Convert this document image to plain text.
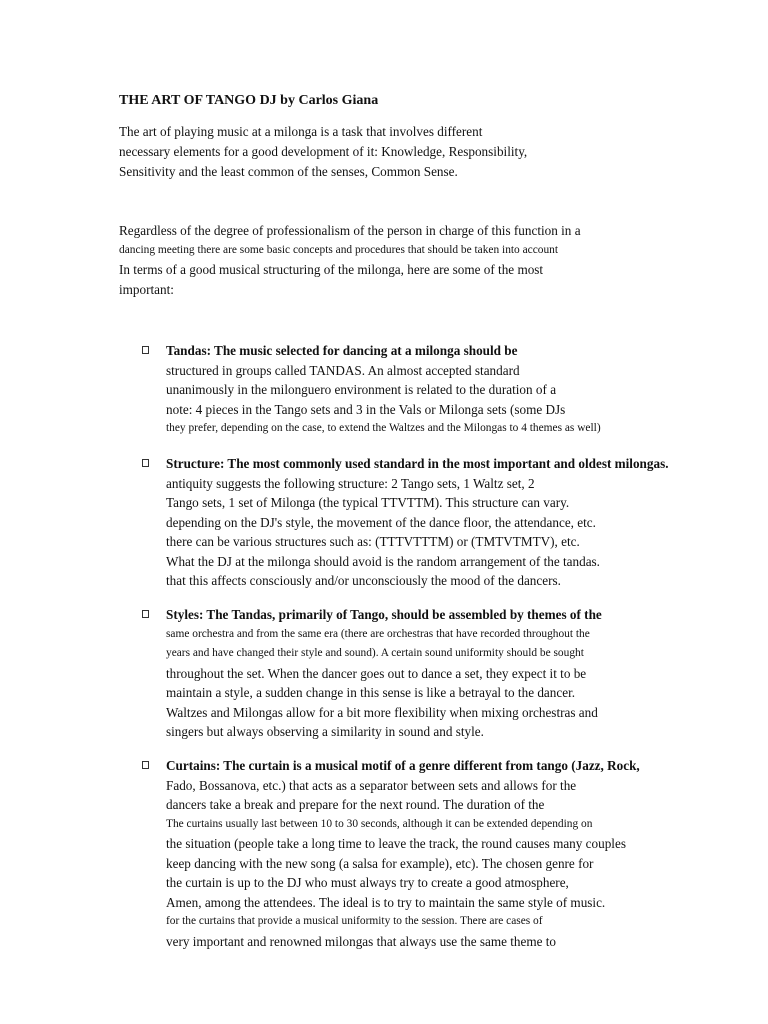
THE ART OF TANGO DJ by Carlos Giana
The art of playing music at a milonga is a task that involves different
necessary elements for a good development of it: Knowledge, Responsibility,
Sensitivity and the least common of the senses, Common Sense.
Regardless of the degree of professionalism of the person in charge of this function in a
dancing meeting there are some basic concepts and procedures that should be taken into account
In terms of a good musical structuring of the milonga, here are some of the most
important:
Tandas: The music selected for dancing at a milonga should be
structured in groups called TANDAS. An almost accepted standard
unanimously in the milonguero environment is related to the duration of a
note: 4 pieces in the Tango sets and 3 in the Vals or Milonga sets (some DJs
they prefer, depending on the case, to extend the Waltzes and the Milongas to 4 themes as well)
Structure: The most commonly used standard in the most important and oldest milongas.
antiquity suggests the following structure: 2 Tango sets, 1 Waltz set, 2
Tango sets, 1 set of Milonga (the typical TTVTTM). This structure can vary.
depending on the DJ's style, the movement of the dance floor, the attendance, etc.
there can be various structures such as: (TTTVTTTM) or (TMTVTMTV), etc.
What the DJ at the milonga should avoid is the random arrangement of the tandas.
that this affects consciously and/or unconsciously the mood of the dancers.
Styles: The Tandas, primarily of Tango, should be assembled by themes of the
same orchestra and from the same era (there are orchestras that have recorded throughout the
years and have changed their style and sound). A certain sound uniformity should be sought
throughout the set. When the dancer goes out to dance a set, they expect it to be
maintain a style, a sudden change in this sense is like a betrayal to the dancer.
Waltzes and Milongas allow for a bit more flexibility when mixing orchestras and
singers but always observing a similarity in sound and style.
Curtains: The curtain is a musical motif of a genre different from tango (Jazz, Rock,
Fado, Bossanova, etc.) that acts as a separator between sets and allows for the
dancers take a break and prepare for the next round. The duration of the
The curtains usually last between 10 to 30 seconds, although it can be extended depending on
the situation (people take a long time to leave the track, the round causes many couples
keep dancing with the new song (a salsa for example), etc). The chosen genre for
the curtain is up to the DJ who must always try to create a good atmosphere,
Amen, among the attendees. The ideal is to try to maintain the same style of music.
for the curtains that provide a musical uniformity to the session. There are cases of
very important and renowned milongas that always use the same theme to
